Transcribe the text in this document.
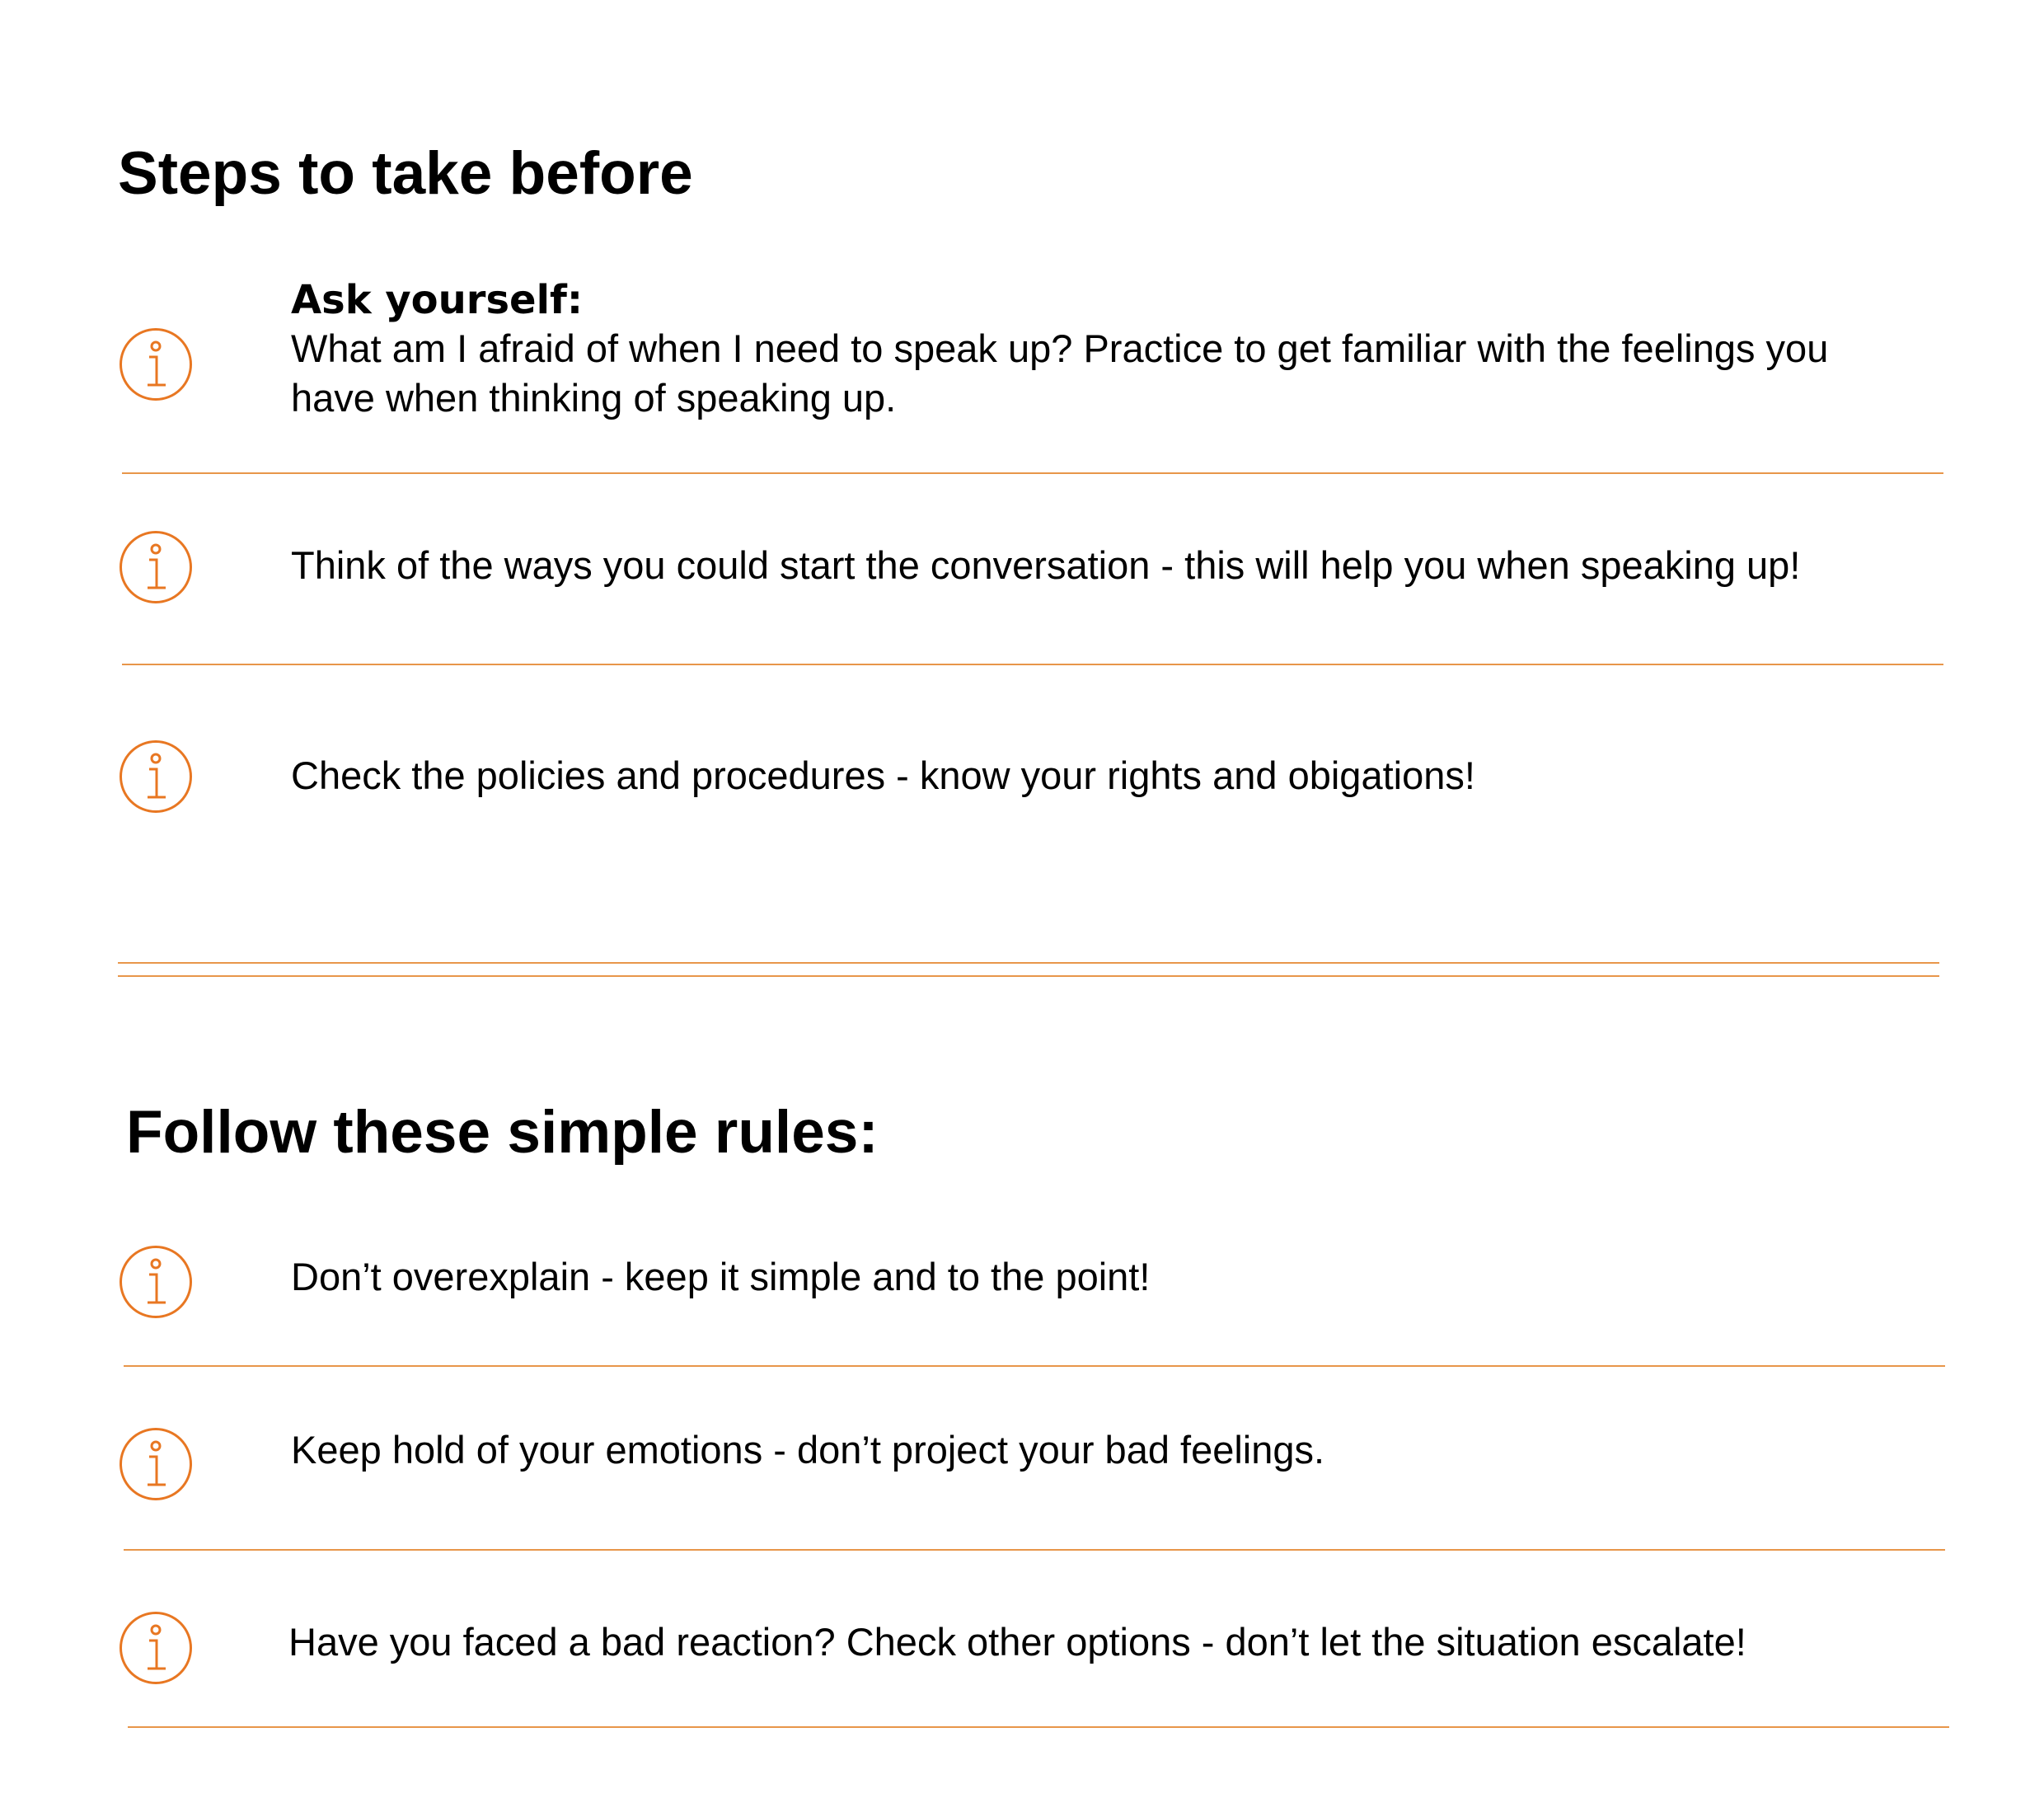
Steps to take before
Ask yourself:
What am I afraid of when I need to speak up? Practice to get familiar with the feelings you
have when thinking of speaking up.
Think of the ways you could start the conversation - this will help you when speaking up!
Check the policies and procedures - know your rights and obigations!
Follow these simple rules:
Don’t overexplain - keep it simple and to the point!
Keep hold of your emotions - don’t project your bad feelings.
Have you faced a bad reaction? Check other options - don’t let the situation escalate!
